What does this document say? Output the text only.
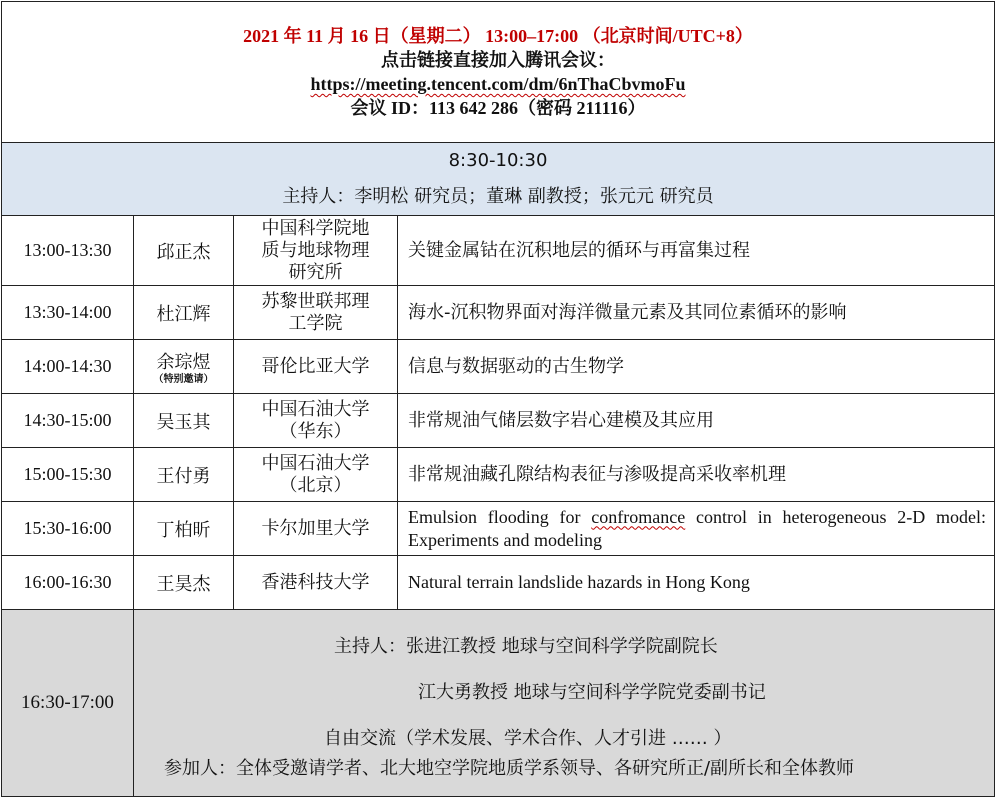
2021 年 11 月 16 日（星期二） 13:00–17:00 （北京时间/UTC+8）
点击链接直接加入腾讯会议：
https://meeting.tencent.com/dm/6nThaCbvmoFu
会议 ID：113 642 286（密码 211116）			

8:30-10:30
主持人：李明松 研究员；董琳 副教授；张元元 研究员			

13:00-13:30	邱正杰	中国科学院地
质与地球物理
研究所	关键金属钴在沉积地层的循环与再富集过程
13:30-14:00	杜江辉	苏黎世联邦理
工学院	海水-沉积物界面对海洋微量元素及其同位素循环的影响
14:00-14:30	余琮煜
（特别邀请）	哥伦比亚大学	信息与数据驱动的古生物学
14:30-15:00	吴玉其	中国石油大学
（华东）	非常规油气储层数字岩心建模及其应用
15:00-15:30	王付勇	中国石油大学
（北京）	非常规油藏孔隙结构表征与渗吸提高采收率机理
15:30-16:00	丁柏昕	卡尔加里大学	Emulsion flooding for confromance control in heterogeneous 2-D model: Experiments and modeling
16:00-16:30	王昊杰	香港科技大学	Natural terrain landslide hazards in Hong Kong
16:30-17:00	主持人：张进江教授 地球与空间科学学院副院长
江大勇教授 地球与空间科学学院党委副书记
自由交流（学术发展、学术合作、人才引进 …… ）
参加人：全体受邀请学者、北大地空学院地质学系领导、各研究所正/副所长和全体教师		
